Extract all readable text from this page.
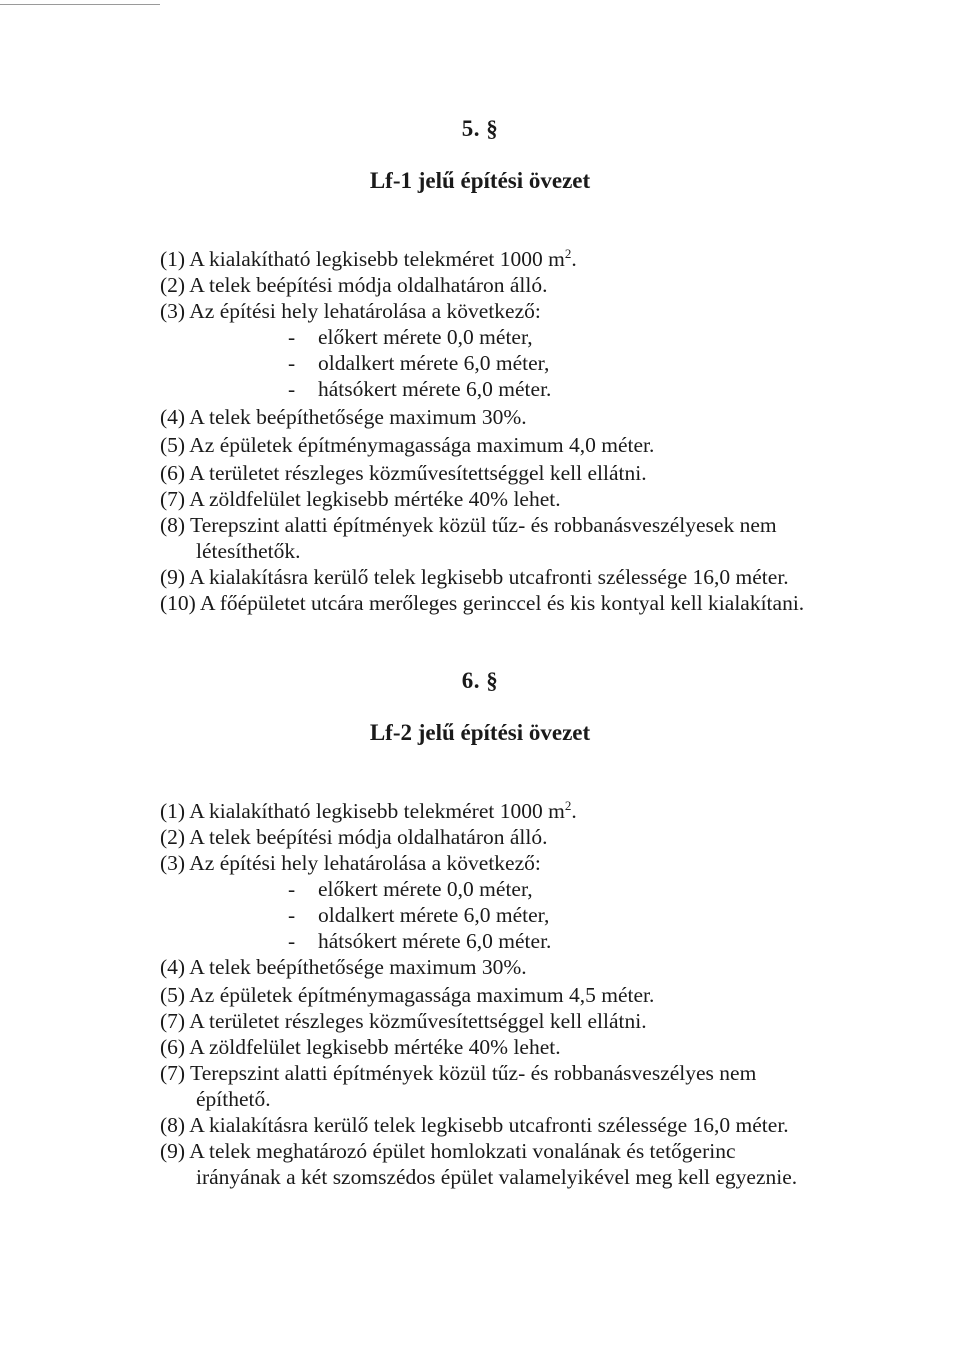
5. §
Lf-1 jelű építési övezet
(1) A kialakítható legkisebb telekméret 1000 $m^2$.
(2) A telek beépítési módja oldalhatáron álló.
(3) Az építési hely lehatárolása a következő:
- előkert mérete 0,0 méter,
- oldalkert mérete 6,0 méter,
- hátsókert mérete 6,0 méter.
(4) A telek beépíthetősége maximum 30%.
(5) Az épületek építménymagassága maximum 4,0 méter.
(6) A területet részleges közművesítettséggel kell ellátni.
(7) A zöldfelület legkisebb mértéke 40% lehet.
(8) Terepszint alatti építmények közül tűz- és robbanásveszélyesek nem
létesíthetők.
(9) A kialakításra kerülő telek legkisebb utcafronti szélessége 16,0 méter.
(10) A főépületet utcára merőleges gerinccel és kis kontyal kell kialakítani.
6. §
Lf-2 jelű építési övezet
(1) A kialakítható legkisebb telekméret 1000 $m^2$.
(2) A telek beépítési módja oldalhatáron álló.
(3) Az építési hely lehatárolása a következő:
- előkert mérete 0,0 méter,
- oldalkert mérete 6,0 méter,
- hátsókert mérete 6,0 méter.
(4) A telek beépíthetősége maximum 30%.
(5) Az épületek építménymagassága maximum 4,5 méter.
(7) A területet részleges közművesítettséggel kell ellátni.
(6) A zöldfelület legkisebb mértéke 40% lehet.
(7) Terepszint alatti építmények közül tűz- és robbanásveszélyes nem
építhető.
(8) A kialakításra kerülő telek legkisebb utcafronti szélessége 16,0 méter.
(9) A telek meghatározó épület homlokzati vonalának és tetőgerinc
irányának a két szomszédos épület valamelyikével meg kell egyeznie.
